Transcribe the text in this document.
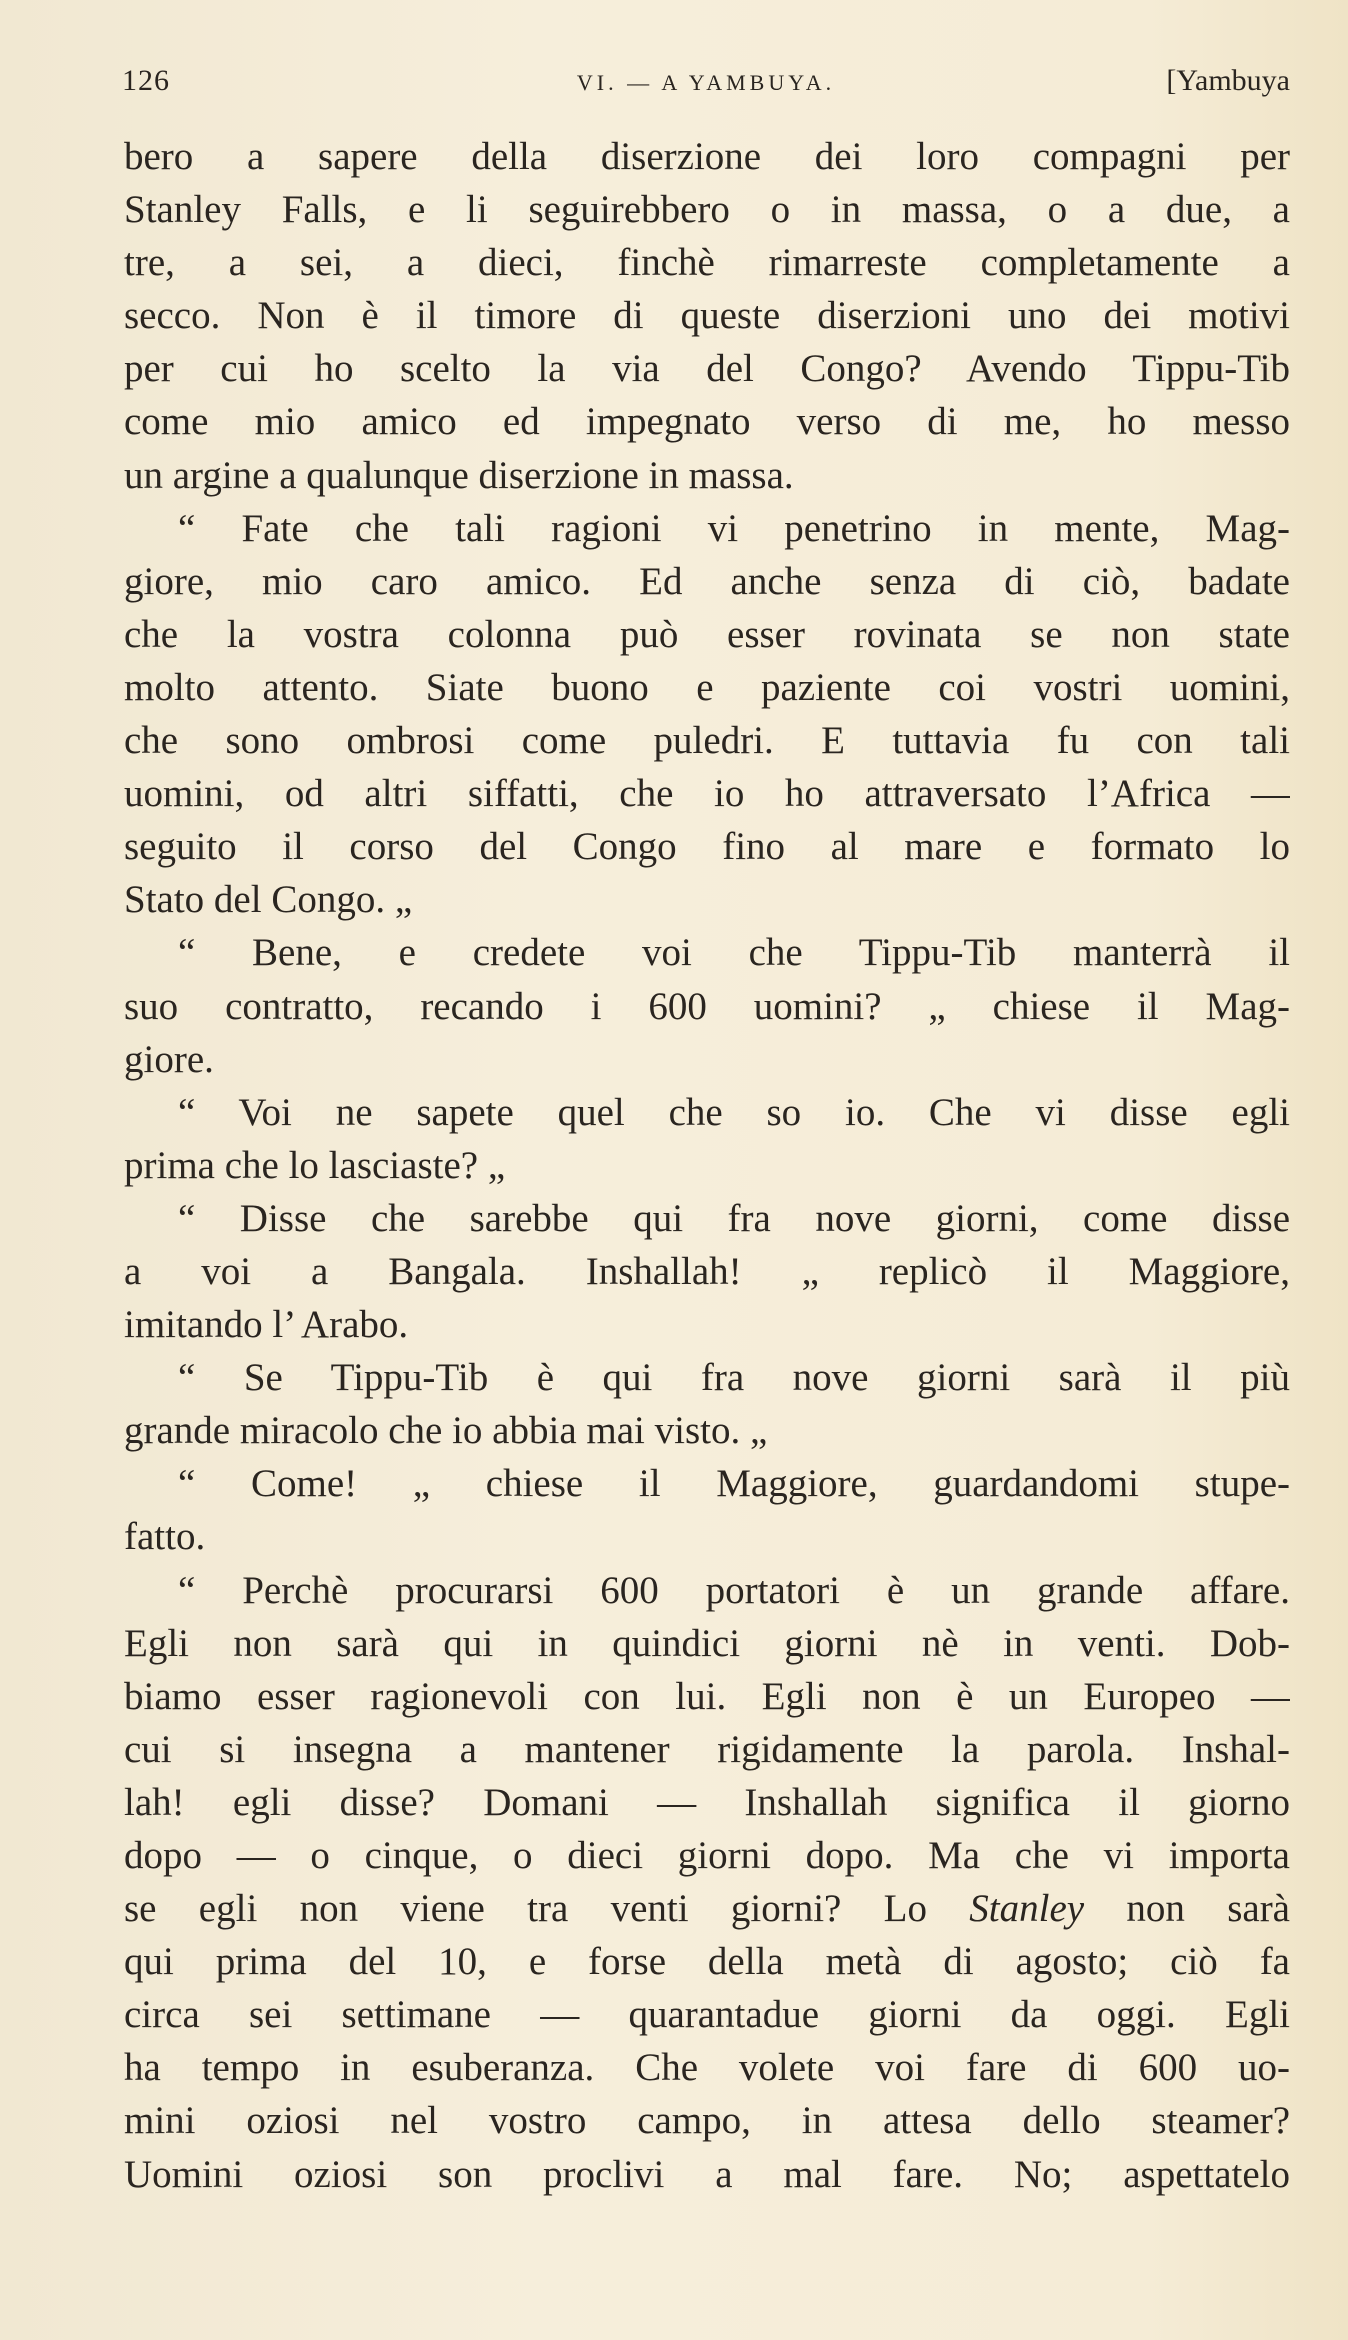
126	VI. — A YAMBUYA.	[Yambuya
bero a sapere della diserzione dei loro compagni per
Stanley Falls, e li seguirebbero o in massa, o a due, a
tre, a sei, a dieci, finchè rimarreste completamente a
secco. Non è il timore di queste diserzioni uno dei motivi
per cui ho scelto la via del Congo? Avendo Tippu-Tib
come mio amico ed impegnato verso di me, ho messo
un argine a qualunque diserzione in massa.
“ Fate che tali ragioni vi penetrino in mente, Mag-
giore, mio caro amico. Ed anche senza di ciò, badate
che la vostra colonna può esser rovinata se non state
molto attento. Siate buono e paziente coi vostri uomini,
che sono ombrosi come puledri. E tuttavia fu con tali
uomini, od altri siffatti, che io ho attraversato l’Africa —
seguito il corso del Congo fino al mare e formato lo
Stato del Congo. „
“ Bene, e credete voi che Tippu-Tib manterrà il
suo contratto, recando i 600 uomini? „ chiese il Mag-
giore.
“ Voi ne sapete quel che so io. Che vi disse egli
prima che lo lasciaste? „
“ Disse che sarebbe qui fra nove giorni, come disse
a voi a Bangala. Inshallah! „ replicò il Maggiore,
imitando l’ Arabo.
“ Se Tippu-Tib è qui fra nove giorni sarà il più
grande miracolo che io abbia mai visto. „
“ Come! „ chiese il Maggiore, guardandomi stupe-
fatto.
“ Perchè procurarsi 600 portatori è un grande affare.
Egli non sarà qui in quindici giorni nè in venti. Dob-
biamo esser ragionevoli con lui. Egli non è un Europeo —
cui si insegna a mantener rigidamente la parola. Inshal-
lah! egli disse? Domani — Inshallah significa il giorno
dopo — o cinque, o dieci giorni dopo. Ma che vi importa
se egli non viene tra venti giorni? Lo Stanley non sarà
qui prima del 10, e forse della metà di agosto; ciò fa
circa sei settimane — quarantadue giorni da oggi. Egli
ha tempo in esuberanza. Che volete voi fare di 600 uo-
mini oziosi nel vostro campo, in attesa dello steamer?
Uomini oziosi son proclivi a mal fare. No; aspettatelo
